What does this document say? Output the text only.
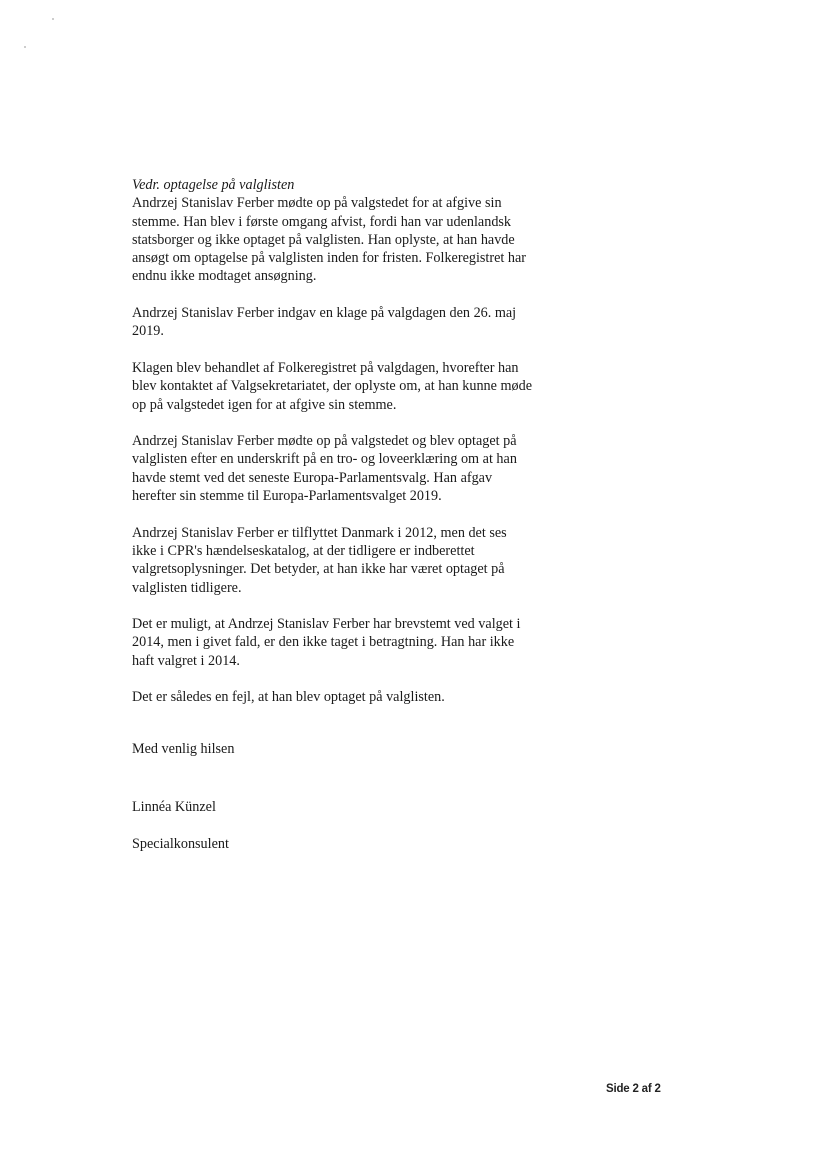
Vedr. optagelse på valglisten

Andrzej Stanislav Ferber mødte op på valgstedet for at afgive sin
stemme. Han blev i første omgang afvist, fordi han var udenlandsk
statsborger og ikke optaget på valglisten. Han oplyste, at han havde
ansøgt om optagelse på valglisten inden for fristen. Folkeregistret har
endnu ikke modtaget ansøgning.

Andrzej Stanislav Ferber indgav en klage på valgdagen den 26. maj
2019.

Klagen blev behandlet af Folkeregistret på valgdagen, hvorefter han
blev kontaktet af Valgsekretariatet, der oplyste om, at han kunne møde
op på valgstedet igen for at afgive sin stemme.

Andrzej Stanislav Ferber mødte op på valgstedet og blev optaget på
valglisten efter en underskrift på en tro- og loveerklæring om at han
havde stemt ved det seneste Europa-Parlamentsvalg. Han afgav
herefter sin stemme til Europa-Parlamentsvalget 2019.

Andrzej Stanislav Ferber er tilflyttet Danmark i 2012, men det ses
ikke i CPR's hændelseskatalog, at der tidligere er indberettet
valgretsoplysninger. Det betyder, at han ikke har været optaget på
valglisten tidligere.

Det er muligt, at Andrzej Stanislav Ferber har brevstemt ved valget i
2014, men i givet fald, er den ikke taget i betragtning. Han har ikke
haft valgret i 2014.

Det er således en fejl, at han blev optaget på valglisten.

Med venlig hilsen

Linnéa Künzel

Specialkonsulent

Side 2 af 2
